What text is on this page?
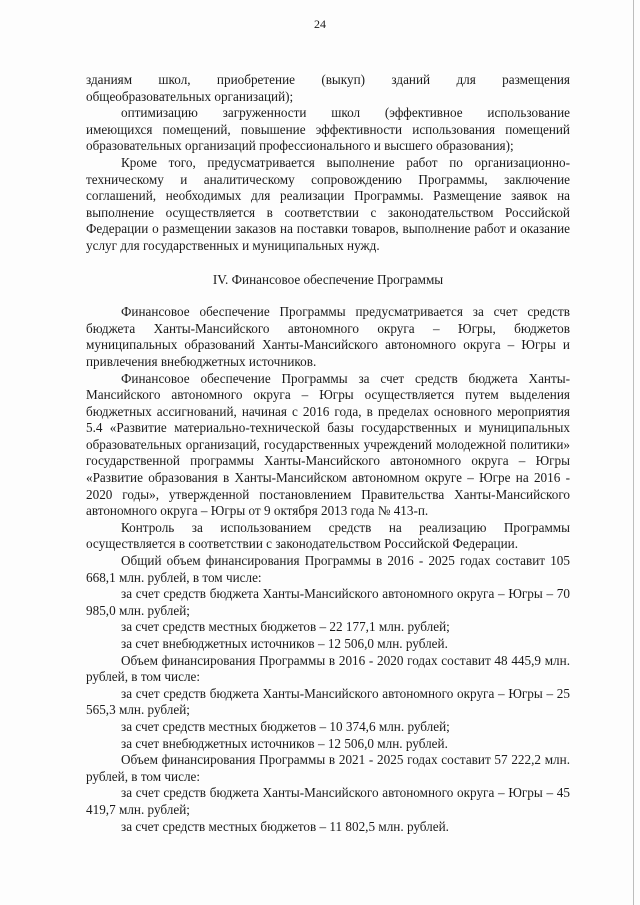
24

зданиям школ, приобретение (выкуп) зданий для размещения

общеобразовательных организаций);

оптимизацию загруженности школ (эффективное использование

имеющихся помещений, повышение эффективности использования помещений образовательных организаций профессионального и высшего образования);

Кроме того, предусматривается выполнение работ по организационно-техническому и аналитическому сопровождению Программы, заключение соглашений, необходимых для реализации Программы. Размещение заявок на выполнение осуществляется в соответствии с законодательством Российской Федерации о размещении заказов на поставки товаров, выполнение работ и оказание услуг для государственных и муниципальных нужд.

IV. Финансовое обеспечение Программы

Финансовое обеспечение Программы предусматривается за счет средств бюджета Ханты-Мансийского автономного округа – Югры, бюджетов муниципальных образований Ханты-Мансийского автономного округа – Югры и привлечения внебюджетных источников.

Финансовое обеспечение Программы за счет средств бюджета Ханты-Мансийского автономного округа – Югры осуществляется путем выделения бюджетных ассигнований, начиная с 2016 года, в пределах основного мероприятия 5.4 «Развитие материально-технической базы государственных и муниципальных образовательных организаций, государственных учреждений молодежной политики» государственной программы Ханты-Мансийского автономного округа – Югры «Развитие образования в Ханты-Мансийском автономном округе – Югре на 2016 - 2020 годы», утвержденной постановлением Правительства Ханты-Мансийского автономного округа – Югры от 9 октября 2013 года № 413-п.

Контроль за использованием средств на реализацию Программы осуществляется в соответствии с законодательством Российской Федерации.

Общий объем финансирования Программы в 2016 - 2025 годах составит 105 668,1 млн. рублей, в том числе:

за счет средств бюджета Ханты-Мансийского автономного округа – Югры – 70 985,0 млн. рублей;

за счет средств местных бюджетов – 22 177,1 млн. рублей;

за счет внебюджетных источников – 12 506,0 млн. рублей.

Объем финансирования Программы в 2016 - 2020 годах составит 48 445,9 млн. рублей, в том числе:

за счет средств бюджета Ханты-Мансийского автономного округа – Югры – 25 565,3 млн. рублей;

за счет средств местных бюджетов – 10 374,6 млн. рублей;

за счет внебюджетных источников – 12 506,0 млн. рублей.

Объем финансирования Программы в 2021 - 2025 годах составит 57 222,2 млн. рублей, в том числе:

за счет средств бюджета Ханты-Мансийского автономного округа – Югры – 45 419,7 млн. рублей;

за счет средств местных бюджетов – 11 802,5 млн. рублей.
